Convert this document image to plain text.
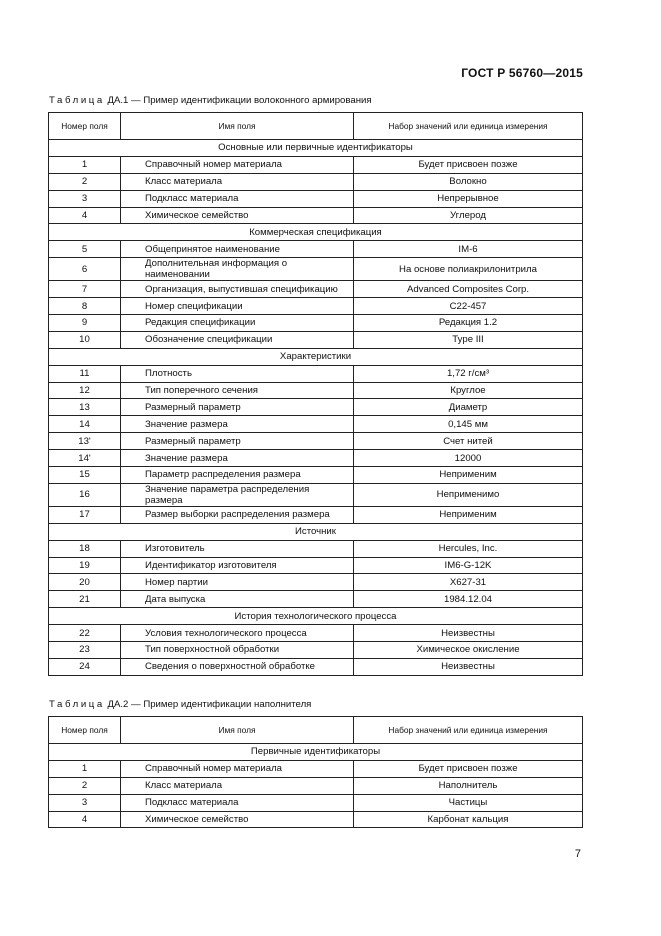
ГОСТ Р 56760—2015
Таблица ДА.1 — Пример идентификации волоконного армирования
Номер поля	Имя поля	Набор значений или единица измерения
Основные или первичные идентификаторы		
1	Справочный номер материала	Будет присвоен позже
2	Класс материала	Волокно
3	Подкласс материала	Непрерывное
4	Химическое семейство	Углерод
Коммерческая спецификация		
5	Общепринятое наименование	IM-6
6	Дополнительная информация о наименовании	На основе полиакрилонитрила
7	Организация, выпустившая спецификацию	Advanced Composites Corp.
8	Номер спецификации	C22-457
9	Редакция спецификации	Редакция 1.2
10	Обозначение спецификации	Type III
Характеристики		
11	Плотность	1,72 г/см³
12	Тип поперечного сечения	Круглое
13	Размерный параметр	Диаметр
14	Значение размера	0,145 мм
13'	Размерный параметр	Счет нитей
14'	Значение размера	12000
15	Параметр распределения размера	Неприменим
16	Значение параметра распределения размера	Неприменимо
17	Размер выборки распределения размера	Неприменим
Источник		
18	Изготовитель	Hercules, Inc.
19	Идентификатор изготовителя	IM6-G-12K
20	Номер партии	X627-31
21	Дата выпуска	1984.12.04
История технологического процесса		
22	Условия технологического процесса	Неизвестны
23	Тип поверхностной обработки	Химическое окисление
24	Сведения о поверхностной обработке	Неизвестны
Таблица ДА.2 — Пример идентификации наполнителя
Номер поля	Имя поля	Набор значений или единица измерения
Первичные идентификаторы		
1	Справочный номер материала	Будет присвоен позже
2	Класс материала	Наполнитель
3	Подкласс материала	Частицы
4	Химическое семейство	Карбонат кальция
7
